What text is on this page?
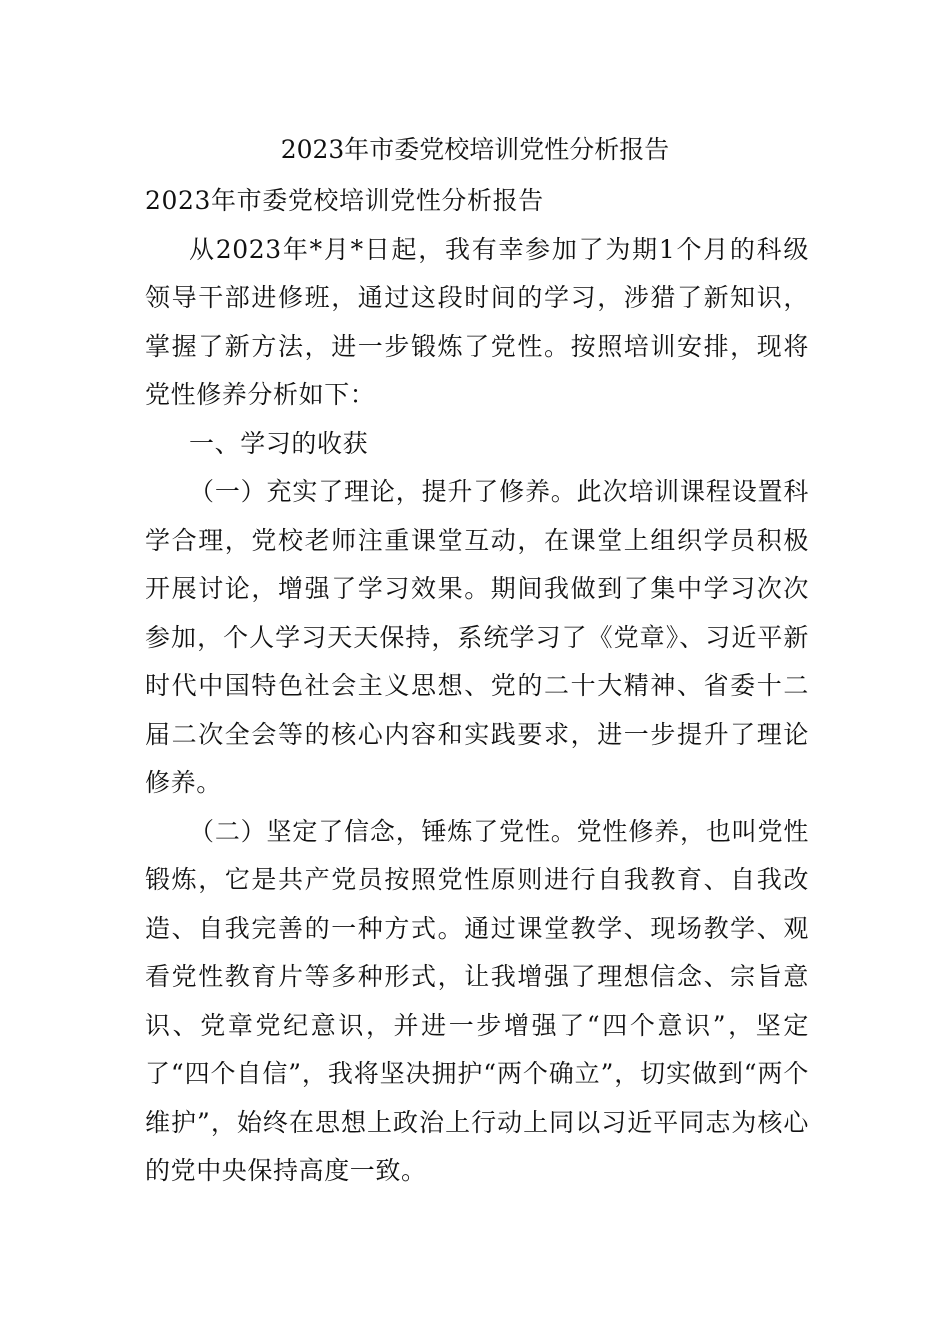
2023年市委党校培训党性分析报告

2023年市委党校培训党性分析报告

从2023年*月*日起，我有幸参加了为期1个月的科级领导干部进修班，通过这段时间的学习，涉猎了新知识，掌握了新方法，进一步锻炼了党性。按照培训安排，现将党性修养分析如下：

一、学习的收获

（一）充实了理论，提升了修养。此次培训课程设置科学合理，党校老师注重课堂互动，在课堂上组织学员积极开展讨论，增强了学习效果。期间我做到了集中学习次次参加，个人学习天天保持，系统学习了《党章》、习近平新时代中国特色社会主义思想、党的二十大精神、省委十二届二次全会等的核心内容和实践要求，进一步提升了理论修养。

（二）坚定了信念，锤炼了党性。党性修养，也叫党性锻炼，它是共产党员按照党性原则进行自我教育、自我改造、自我完善的一种方式。通过课堂教学、现场教学、观看党性教育片等多种形式，让我增强了理想信念、宗旨意识、党章党纪意识，并进一步增强了“四个意识”，坚定了“四个自信”，我将坚决拥护“两个确立”，切实做到“两个维护”，始终在思想上政治上行动上同以习近平同志为核心的党中央保持高度一致。
